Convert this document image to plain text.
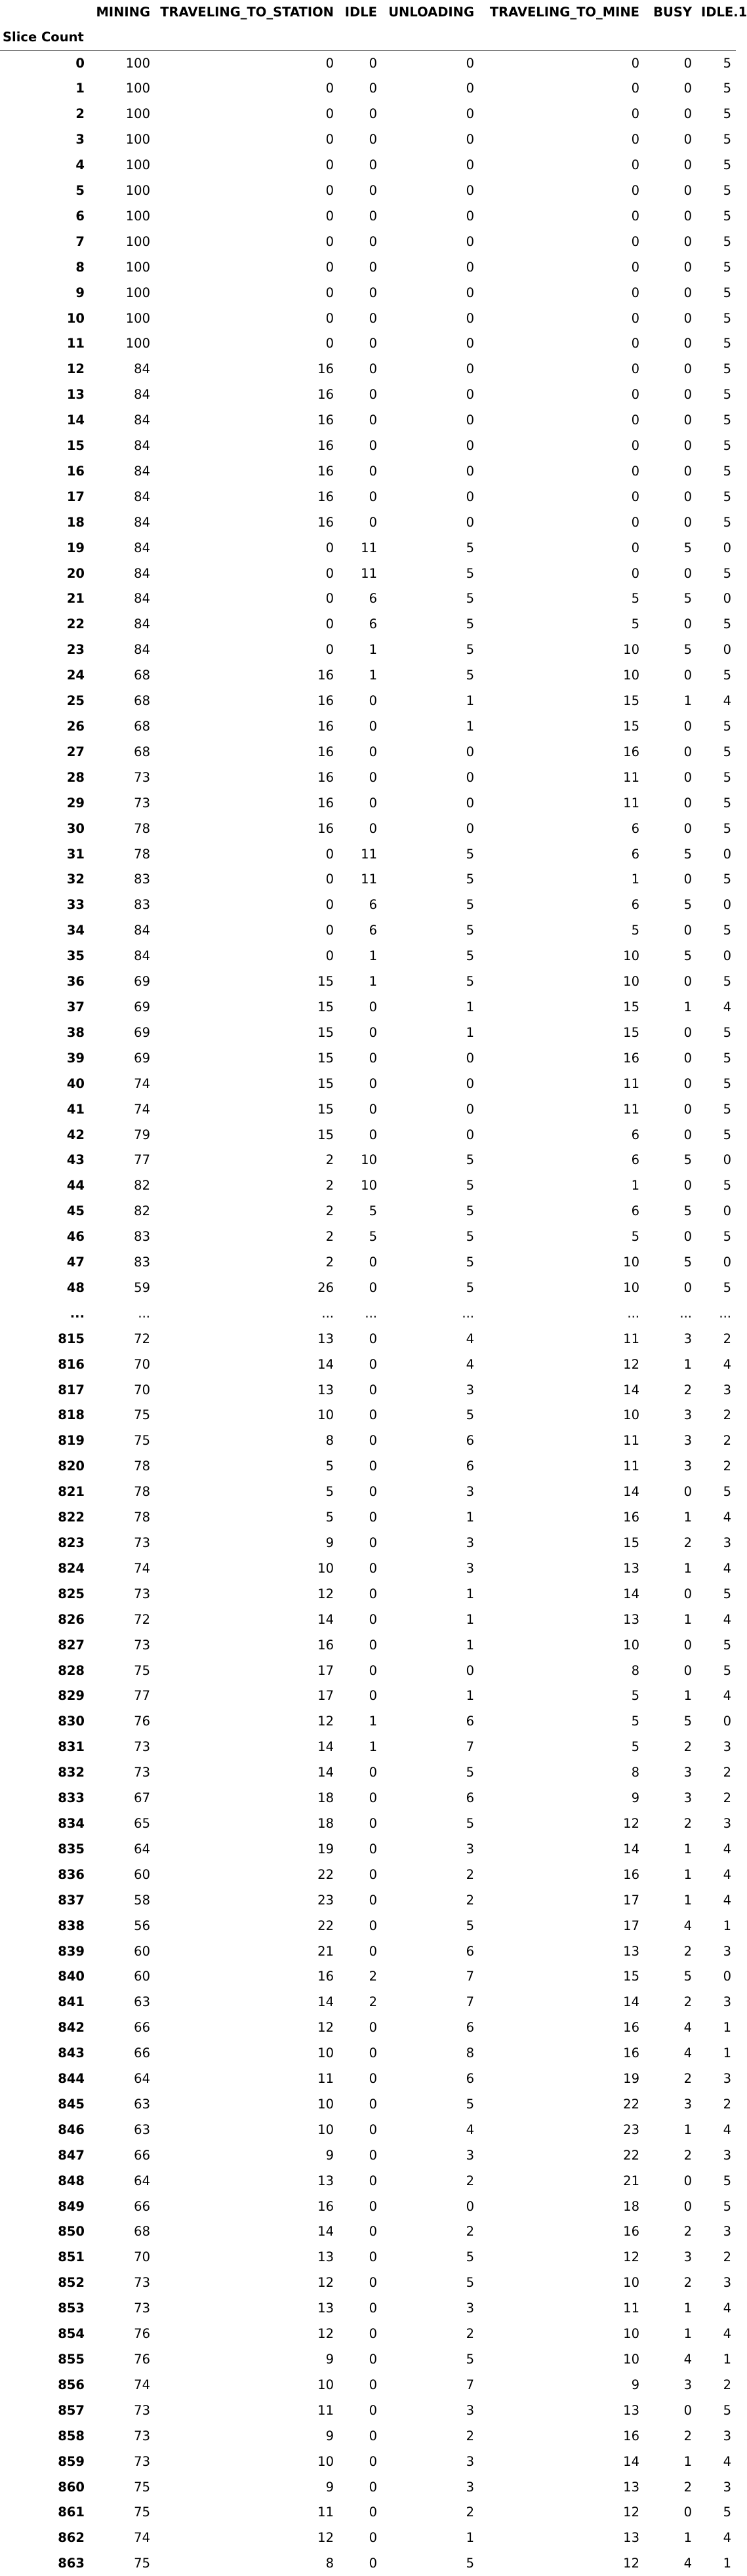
	MINING	TRAVELING_TO_STATION	IDLE	UNLOADING	TRAVELING_TO_MINE	BUSY	IDLE.1
Slice Count							
0	100	0	0	0	0	0	5
1	100	0	0	0	0	0	5
2	100	0	0	0	0	0	5
3	100	0	0	0	0	0	5
4	100	0	0	0	0	0	5
5	100	0	0	0	0	0	5
6	100	0	0	0	0	0	5
7	100	0	0	0	0	0	5
8	100	0	0	0	0	0	5
9	100	0	0	0	0	0	5
10	100	0	0	0	0	0	5
11	100	0	0	0	0	0	5
12	84	16	0	0	0	0	5
13	84	16	0	0	0	0	5
14	84	16	0	0	0	0	5
15	84	16	0	0	0	0	5
16	84	16	0	0	0	0	5
17	84	16	0	0	0	0	5
18	84	16	0	0	0	0	5
19	84	0	11	5	0	5	0
20	84	0	11	5	0	0	5
21	84	0	6	5	5	5	0
22	84	0	6	5	5	0	5
23	84	0	1	5	10	5	0
24	68	16	1	5	10	0	5
25	68	16	0	1	15	1	4
26	68	16	0	1	15	0	5
27	68	16	0	0	16	0	5
28	73	16	0	0	11	0	5
29	73	16	0	0	11	0	5
30	78	16	0	0	6	0	5
31	78	0	11	5	6	5	0
32	83	0	11	5	1	0	5
33	83	0	6	5	6	5	0
34	84	0	6	5	5	0	5
35	84	0	1	5	10	5	0
36	69	15	1	5	10	0	5
37	69	15	0	1	15	1	4
38	69	15	0	1	15	0	5
39	69	15	0	0	16	0	5
40	74	15	0	0	11	0	5
41	74	15	0	0	11	0	5
42	79	15	0	0	6	0	5
43	77	2	10	5	6	5	0
44	82	2	10	5	1	0	5
45	82	2	5	5	6	5	0
46	83	2	5	5	5	0	5
47	83	2	0	5	10	5	0
48	59	26	0	5	10	0	5
...	...	...	...	...	...	...	...
815	72	13	0	4	11	3	2
816	70	14	0	4	12	1	4
817	70	13	0	3	14	2	3
818	75	10	0	5	10	3	2
819	75	8	0	6	11	3	2
820	78	5	0	6	11	3	2
821	78	5	0	3	14	0	5
822	78	5	0	1	16	1	4
823	73	9	0	3	15	2	3
824	74	10	0	3	13	1	4
825	73	12	0	1	14	0	5
826	72	14	0	1	13	1	4
827	73	16	0	1	10	0	5
828	75	17	0	0	8	0	5
829	77	17	0	1	5	1	4
830	76	12	1	6	5	5	0
831	73	14	1	7	5	2	3
832	73	14	0	5	8	3	2
833	67	18	0	6	9	3	2
834	65	18	0	5	12	2	3
835	64	19	0	3	14	1	4
836	60	22	0	2	16	1	4
837	58	23	0	2	17	1	4
838	56	22	0	5	17	4	1
839	60	21	0	6	13	2	3
840	60	16	2	7	15	5	0
841	63	14	2	7	14	2	3
842	66	12	0	6	16	4	1
843	66	10	0	8	16	4	1
844	64	11	0	6	19	2	3
845	63	10	0	5	22	3	2
846	63	10	0	4	23	1	4
847	66	9	0	3	22	2	3
848	64	13	0	2	21	0	5
849	66	16	0	0	18	0	5
850	68	14	0	2	16	2	3
851	70	13	0	5	12	3	2
852	73	12	0	5	10	2	3
853	73	13	0	3	11	1	4
854	76	12	0	2	10	1	4
855	76	9	0	5	10	4	1
856	74	10	0	7	9	3	2
857	73	11	0	3	13	0	5
858	73	9	0	2	16	2	3
859	73	10	0	3	14	1	4
860	75	9	0	3	13	2	3
861	75	11	0	2	12	0	5
862	74	12	0	1	13	1	4
863	75	8	0	5	12	4	1
